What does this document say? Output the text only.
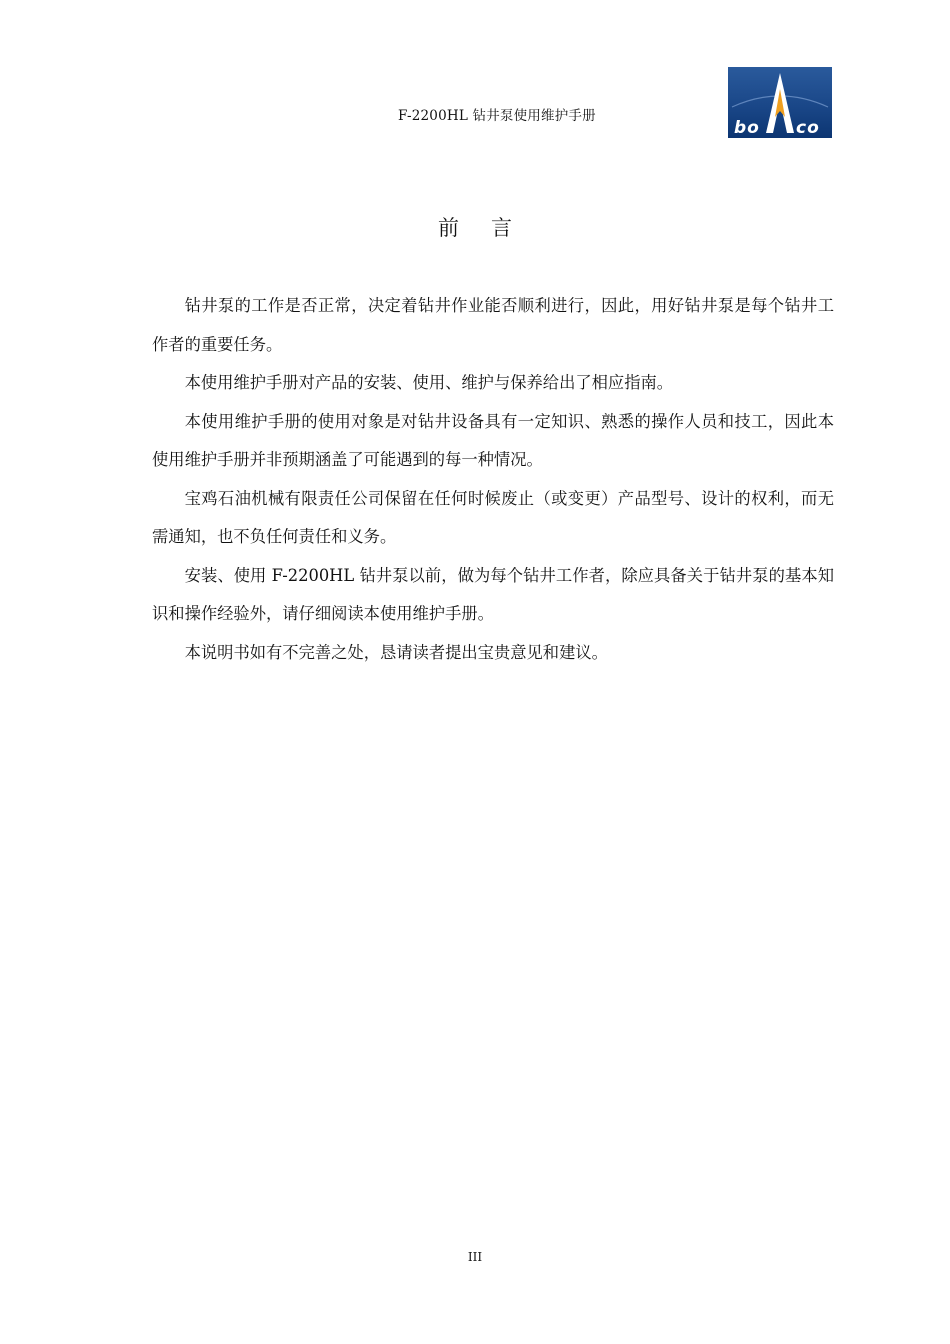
F-2200HL 钻井泵使用维护手册
bo co
前 言

钻井泵的工作是否正常，决定着钻井作业能否顺利进行，因此，用好钻井泵是每个钻井工作者的重要任务。

本使用维护手册对产品的安装、使用、维护与保养给出了相应指南。

本使用维护手册的使用对象是对钻井设备具有一定知识、熟悉的操作人员和技工，因此本使用维护手册并非预期涵盖了可能遇到的每一种情况。

宝鸡石油机械有限责任公司保留在任何时候废止（或变更）产品型号、设计的权利，而无需通知，也不负任何责任和义务。

安装、使用 F-2200HL 钻井泵以前，做为每个钻井工作者，除应具备关于钻井泵的基本知识和操作经验外，请仔细阅读本使用维护手册。

本说明书如有不完善之处，恳请读者提出宝贵意见和建议。

III
